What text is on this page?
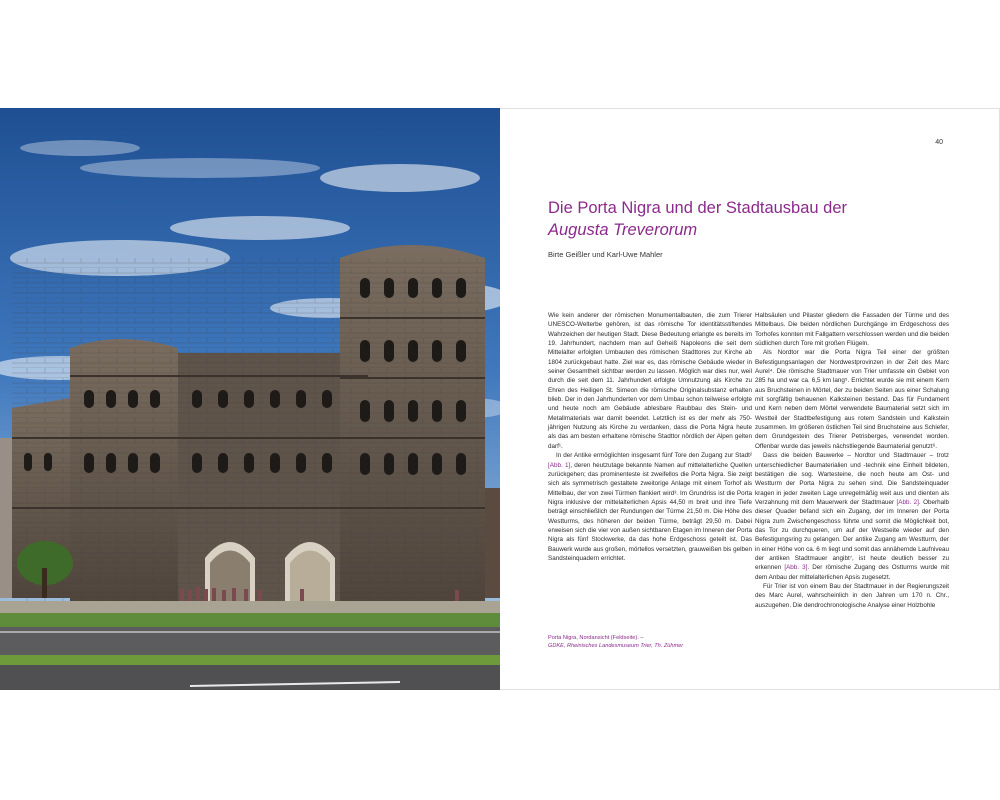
40
Die Porta Nigra und der Stadtausbau der
Augusta Treverorum
Birte Geißler und Karl-Uwe Mahler

Wie kein anderer der römischen Monumentalbauten, die zum Trierer UNESCO-Welterbe gehören, ist das römische Tor identitätsstiftendes Wahrzeichen der heutigen Stadt. Diese Bedeutung erlangte es bereits im 19. Jahrhundert, nachdem man auf Geheiß Napoleons die seit dem Mittelalter erfolgten Umbauten des römischen Stadttores zur Kirche ab 1804 zurückgebaut hatte. Ziel war es, das römische Gebäude wieder in seiner Gesamtheit sichtbar werden zu lassen. Möglich war dies nur, weil durch die seit dem 11. Jahrhundert erfolgte Umnutzung als Kirche zu Ehren des Heiligen St. Simeon die römische Originalsubstanz erhalten blieb. Der in den Jahrhunderten vor dem Umbau schon teilweise erfolgte und heute noch am Gebäude ablesbare Raubbau des Stein- und Metallmaterials war damit beendet. Letztlich ist es der mehr als 750-jährigen Nutzung als Kirche zu verdanken, dass die Porta Nigra heute als das am besten erhaltene römische Stadttor nördlich der Alpen gelten darf¹.

In der Antike ermöglichten insgesamt fünf Tore den Zugang zur Stadt² [Abb. 1], deren heutzutage bekannte Namen auf mittelalterliche Quellen zurückgehen; das prominenteste ist zweifellos die Porta Nigra. Sie zeigt sich als symmetrisch gestaltete zweitorige Anlage mit einem Torhof als Mittelbau, der von zwei Türmen flankiert wird³. Im Grundriss ist die Porta Nigra inklusive der mittelalterlichen Apsis 44,50 m breit und ihre Tiefe beträgt einschließlich der Rundungen der Türme 21,50 m. Die Höhe des Westturms, des höheren der beiden Türme, beträgt 29,50 m. Dabei erweisen sich die vier von außen sichtbaren Etagen im Inneren der Porta Nigra als fünf Stockwerke, da das hohe Erdgeschoss geteilt ist. Das Bauwerk wurde aus großen, mörtellos versetzten, grauweißen bis gelben Sandsteinquadern errichtet.

Halbsäulen und Pilaster gliedern die Fassaden der Türme und des Mittelbaus. Die beiden nördlichen Durchgänge im Erdgeschoss des Torhofes konnten mit Fallgattern verschlossen werden und die beiden südlichen durch Tore mit großen Flügeln.

Als Nordtor war die Porta Nigra Teil einer der größten Befestigungsanlagen der Nordwestprovinzen in der Zeit des Marc Aurel⁴. Die römische Stadtmauer von Trier umfasste ein Gebiet von 285 ha und war ca. 6,5 km lang⁵. Errichtet wurde sie mit einem Kern aus Bruchsteinen in Mörtel, der zu beiden Seiten aus einer Schalung mit sorgfältig behauenen Kalksteinen bestand. Das für Fundament und Kern neben dem Mörtel verwendete Baumaterial setzt sich im Westteil der Stadtbefestigung aus rotem Sandstein und Kalkstein zusammen. Im größeren östlichen Teil sind Bruchsteine aus Schiefer, dem Grundgestein des Trierer Petrisberges, verwendet worden. Offenbar wurde das jeweils nächstliegende Baumaterial genutzt⁶.

Dass die beiden Bauwerke – Nordtor und Stadtmauer – trotz unterschiedlicher Baumaterialien und -technik eine Einheit bildeten, bestätigen die sog. Wartesteine, die noch heute am Ost- und Westturm der Porta Nigra zu sehen sind. Die Sandsteinquader kragen in jeder zweiten Lage unregelmäßig weit aus und dienten als Verzahnung mit dem Mauerwerk der Stadtmauer [Abb. 2]. Oberhalb dieser Quader befand sich ein Zugang, der im Inneren der Porta Nigra zum Zwischengeschoss führte und somit die Möglichkeit bot, das Tor zu durchqueren, um auf der Westseite wieder auf den Befestigungsring zu gelangen. Der antike Zugang am Westturm, der in einer Höhe von ca. 6 m liegt und somit das annähernde Laufniveau der antiken Stadtmauer angibt⁷, ist heute deutlich besser zu erkennen [Abb. 3]. Der römische Zugang des Ostturms wurde mit dem Anbau der mittelalterlichen Apsis zugesetzt.

Für Trier ist von einem Bau der Stadtmauer in der Regierungszeit des Marc Aurel, wahrscheinlich in den Jahren um 170 n. Chr., auszugehen. Die dendrochronologische Analyse einer Holzbohle

Porta Nigra, Nordansicht (Feldseite). –
GDKE, Rheinisches Landesmuseum Trier, Th. Zühmer
